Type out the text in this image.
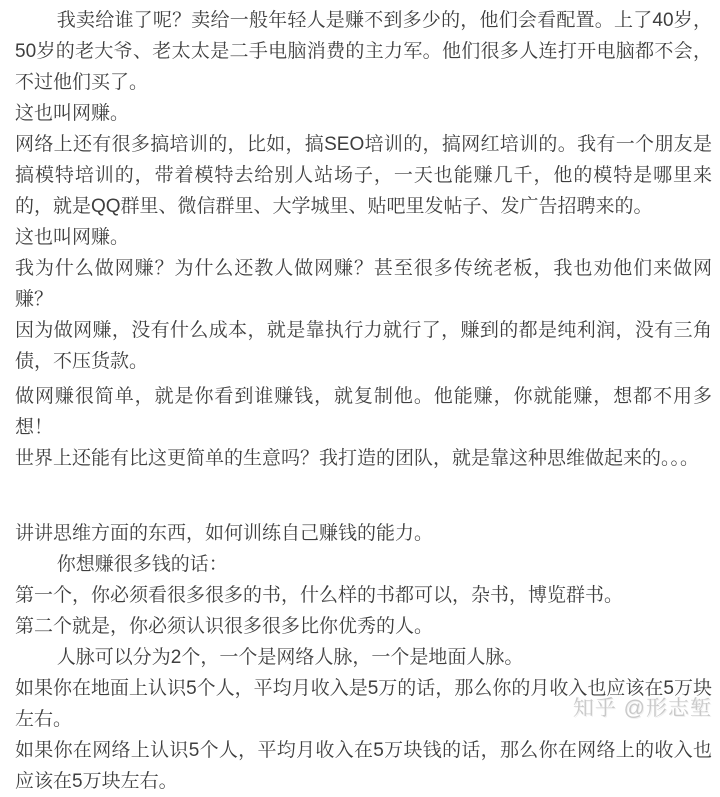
我卖给谁了呢？卖给一般年轻人是赚不到多少的，他们会看配置。上了40岁，50岁的老大爷、老太太是二手电脑消费的主力军。他们很多人连打开电脑都不会，不过他们买了。

这也叫网赚。

网络上还有很多搞培训的，比如，搞SEO培训的，搞网红培训的。我有一个朋友是搞模特培训的，带着模特去给别人站场子，一天也能赚几千，他的模特是哪里来的，就是QQ群里、微信群里、大学城里、贴吧里发帖子、发广告招聘来的。

这也叫网赚。

我为什么做网赚？为什么还教人做网赚？甚至很多传统老板，我也劝他们来做网赚？

因为做网赚，没有什么成本，就是靠执行力就行了，赚到的都是纯利润，没有三角债，不压货款。

做网赚很简单，就是你看到谁赚钱，就复制他。他能赚，你就能赚，想都不用多想！

世界上还能有比这更简单的生意吗？我打造的团队，就是靠这种思维做起来的。。。

讲讲思维方面的东西，如何训练自己赚钱的能力。

你想赚很多钱的话：

第一个，你必须看很多很多的书，什么样的书都可以，杂书，博览群书。

第二个就是，你必须认识很多很多比你优秀的人。

人脉可以分为2个，一个是网络人脉，一个是地面人脉。

如果你在地面上认识5个人，平均月收入是5万的话，那么你的月收入也应该在5万块左右。

如果你在网络上认识5个人，平均月收入在5万块钱的话，那么你在网络上的收入也应该在5万块左右。

知乎 @形志堑
